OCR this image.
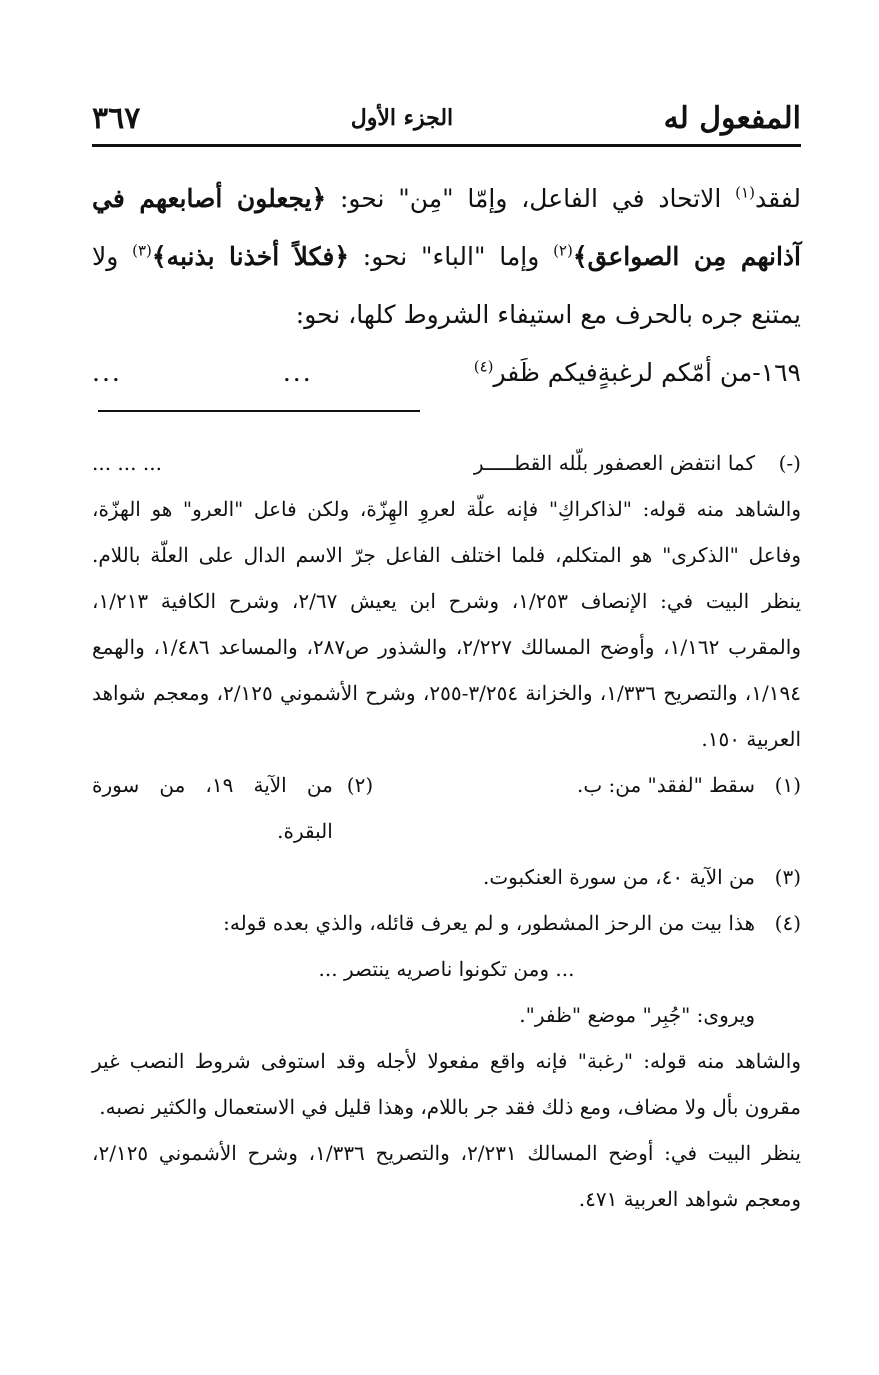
المفعول له
الجزء الأول
٣٦٧

لفقد$^{(١)}$ الاتحاد في الفاعل، وإمّا "مِن" نحو: ﴿يجعلون أصابعهم في آذانهم مِن الصواعق﴾$^{(٢)}$ وإما "الباء" نحو: ﴿فكلاً أخذنا بذنبه﴾$^{(٣)}$ ولا يمتنع جره بالحرف مع استيفاء الشروط كلها، نحو:

١٦٩-من أمّكم لرغبةٍفيكم ظَفر$^{(٤)}$
...
...
(-)
كما انتفض العصفور بلّله القطـــــر
... ... ...

والشاهد منه قوله: "لذاكراكِ" فإنه علّة لعروِ الهِزّة، ولكن فاعل "العرو" هو الهزّة، وفاعل "الذكرى" هو المتكلم، فلما اختلف الفاعل جرّ الاسم الدال على العلّة باللام. ينظر البيت في: الإنصاف ١/٢٥٣، وشرح ابن يعيش ٢/٦٧، وشرح الكافية ١/٢١٣، والمقرب ١/١٦٢، وأوضح المسالك ٢/٢٢٧، والشذور ص٢٨٧، والمساعد ١/٤٨٦، والهمع ١/١٩٤، والتصريح ١/٣٣٦، والخزانة ٣/٢٥٤-٢٥٥، وشرح الأشموني ٢/١٢٥، ومعجم شواهد العربية ١٥٠.

(١)
سقط "لفقد" من: ب.
(٢)
من الآية ١٩، من سورة البقرة.
(٣)
من الآية ٤٠، من سورة العنكبوت.
(٤)
هذا بيت من الرحز المشطور، و لم يعرف قائله، والذي بعده قوله:
... ومن تكونوا ناصريه ينتصر ...
ويروى: "جُبِر" موضع "ظفر".

والشاهد منه قوله: "رغبة" فإنه واقع مفعولا لأجله وقد استوفى شروط النصب غير مقرون بأل ولا مضاف، ومع ذلك فقد جر باللام، وهذا قليل في الاستعمال والكثير نصبه.

ينظر البيت في: أوضح المسالك ٢/٢٣١، والتصريح ١/٣٣٦، وشرح الأشموني ٢/١٢٥، ومعجم شواهد العربية ٤٧١.
